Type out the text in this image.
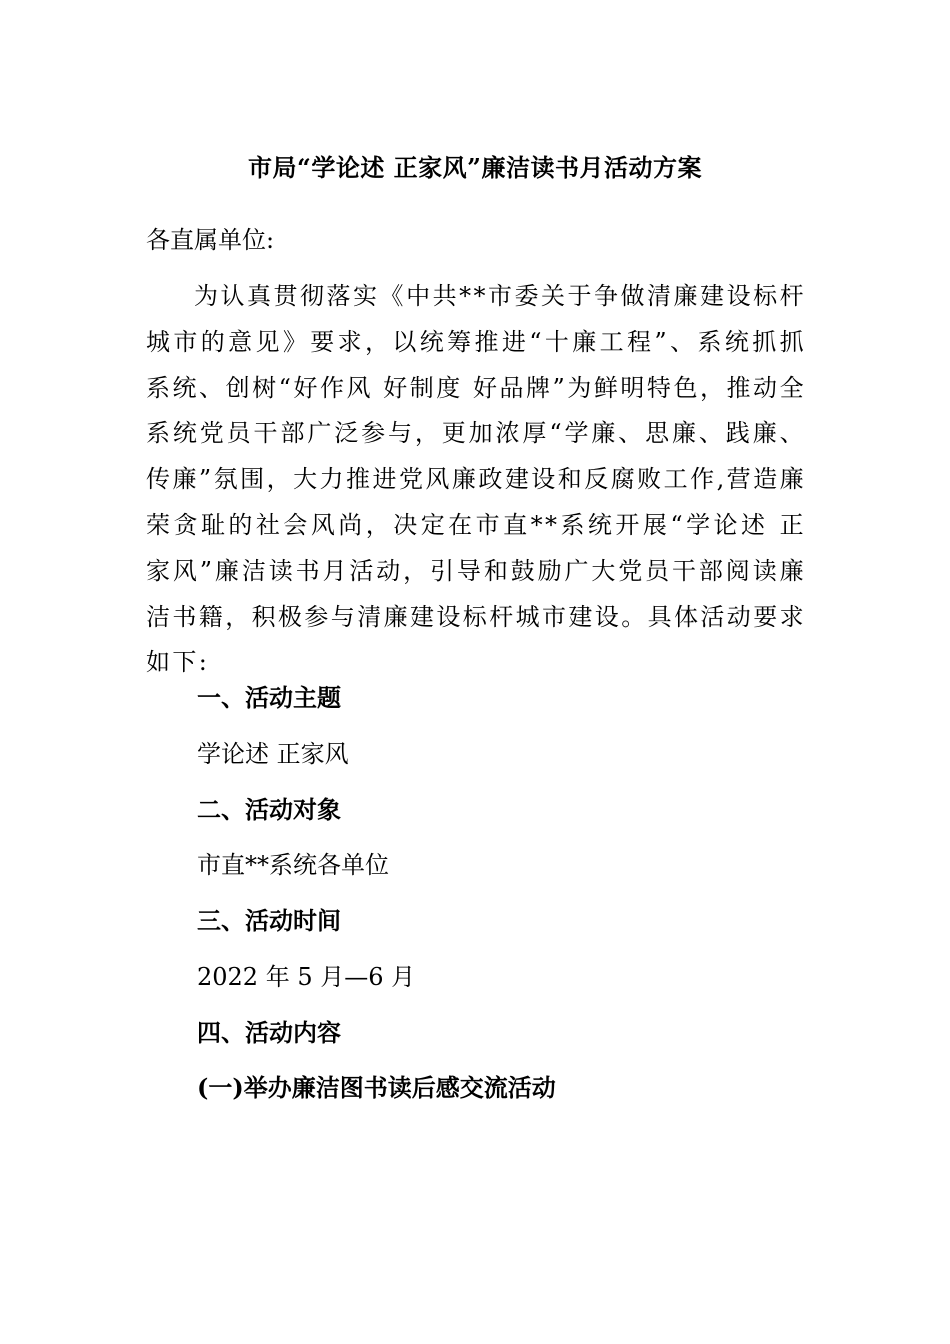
市局“学论述 正家风”廉洁读书月活动方案
各直属单位:

为认真贯彻落实《中共**市委关于争做清廉建设标杆城市的意见》要求，以统筹推进“十廉工程”、系统抓抓系统、创树“好作风 好制度 好品牌”为鲜明特色，推动全系统党员干部广泛参与，更加浓厚“学廉、思廉、践廉、传廉”氛围，大力推进党风廉政建设和反腐败工作,营造廉荣贪耻的社会风尚，决定在市直**系统开展“学论述 正家风”廉洁读书月活动，引导和鼓励广大党员干部阅读廉洁书籍，积极参与清廉建设标杆城市建设。具体活动要求如下:

一、活动主题
学论述 正家风
二、活动对象
市直**系统各单位
三、活动时间
2022 年 5 月—6 月
四、活动内容
(一)举办廉洁图书读后感交流活动
